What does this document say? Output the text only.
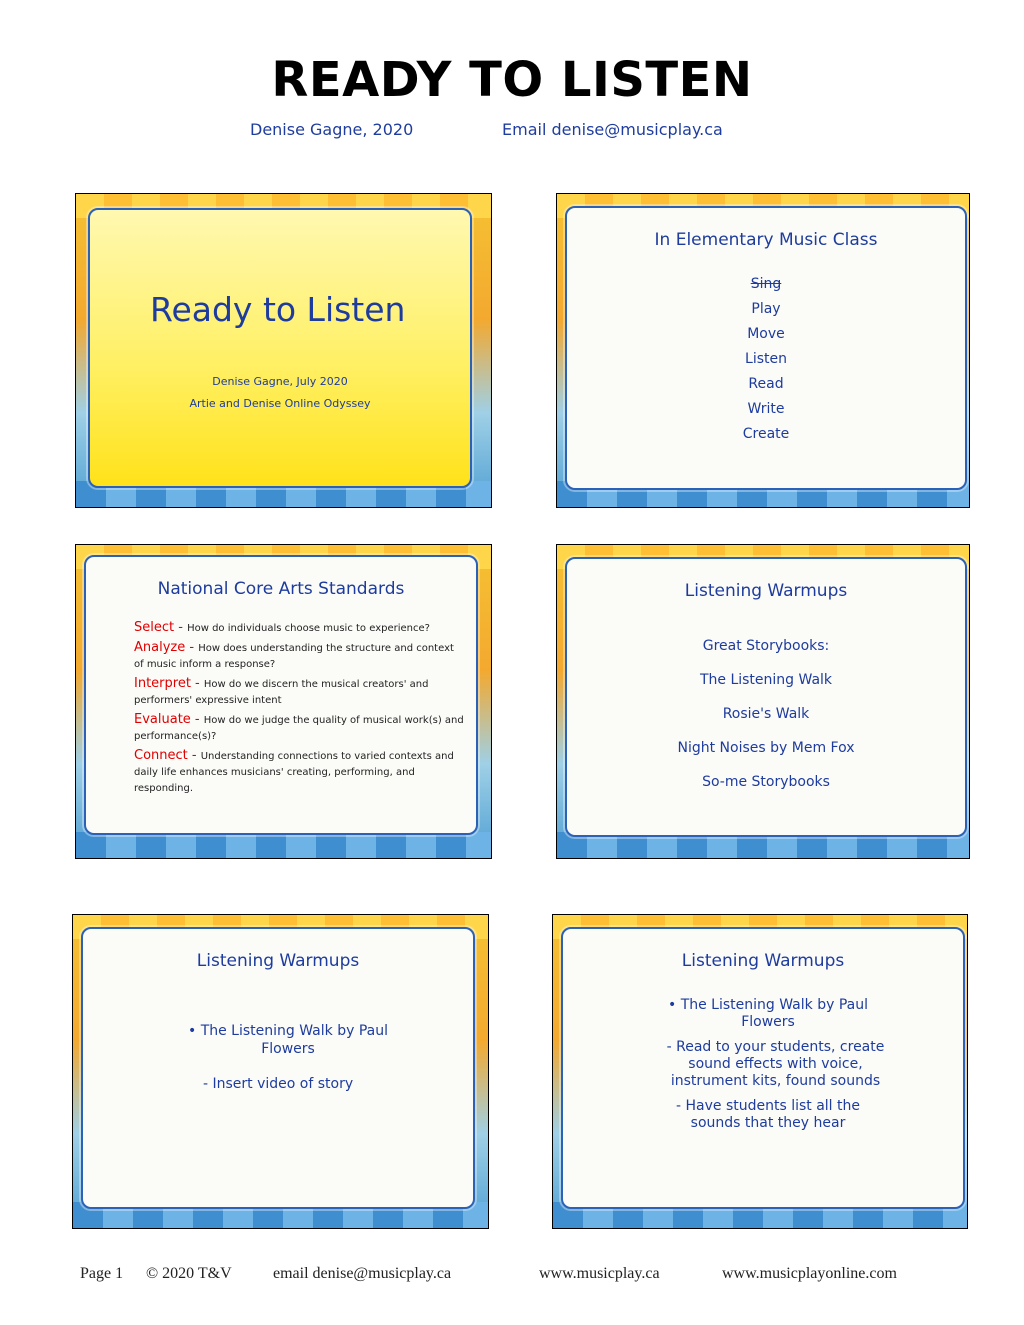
READY TO LISTEN
Denise Gagne, 2020	Email denise@musicplay.ca
Ready to Listen
Denise Gagne, July 2020
Artie and Denise Online Odyssey
In Elementary Music Class
Sing
Play
Move
Listen
Read
Write
Create
National Core Arts Standards
Select - How do individuals choose music to experience?
Analyze - How does understanding the structure and context of music inform a response?
Interpret - How do we discern the musical creators' and performers' expressive intent
Evaluate - How do we judge the quality of musical work(s) and performance(s)?
Connect - Understanding connections to varied contexts and daily life enhances musicians' creating, performing, and responding.
Listening Warmups
Great Storybooks:
The Listening Walk
Rosie's Walk
Night Noises by Mem Fox
So-me Storybooks
Listening Warmups
• The Listening Walk by Paul Flowers
- Insert video of story
Listening Warmups
• The Listening Walk by Paul Flowers
- Read to your students, create sound effects with voice, instrument kits, found sounds
- Have students list all the sounds that they hear
Page 1 © 2020 T&V	email denise@musicplay.ca	www.musicplay.ca	www.musicplayonline.com
